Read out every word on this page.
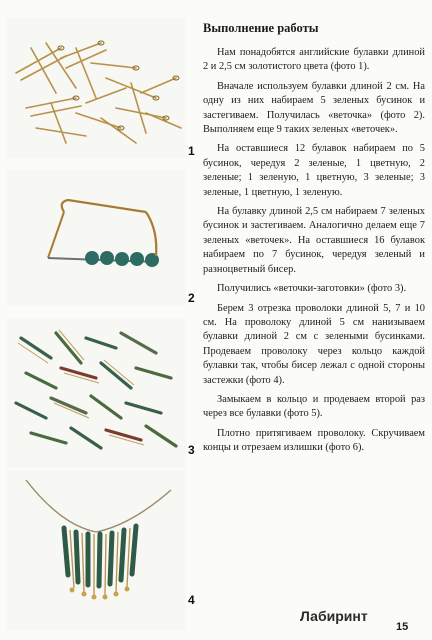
1
2
3
4
Выполнение работы

Нам понадобятся английские булавки длиной 2 и 2,5 см золотистого цвета (фото 1).

Вначале используем булавки длиной 2 см. На одну из них набираем 5 зеленых бусинок и застегиваем. Получилась «веточка» (фото 2). Выполняем еще 9 таких зеленых «веточек».

На оставшиеся 12 булавок набираем по 5 бусинок, чередуя 2 зеленые, 1 цветную, 2 зеленые; 1 зеленую, 1 цветную, 3 зеленые; 3 зеленые, 1 цветную, 1 зеленую.

На булавку длиной 2,5 см набираем 7 зеленых бусинок и застегиваем. Аналогично делаем еще 7 зеленых «веточек». На оставшиеся 16 булавок набираем по 7 бусинок, чередуя зеленый и разноцветный бисер.

Получились «веточки-заготовки» (фото 3).

Берем 3 отрезка проволоки длиной 5, 7 и 10 см. На проволоку длиной 5 см нанизываем булавки длиной 2 см с зелеными бусинками. Продеваем проволоку через кольцо каждой булавки так, чтобы бисер лежал с одной стороны застежки (фото 4).

Замыкаем в кольцо и продеваем второй раз через все булавки (фото 5).

Плотно притягиваем проволоку. Скручиваем концы и отрезаем излишки (фото 6).

Лабиринт
15
